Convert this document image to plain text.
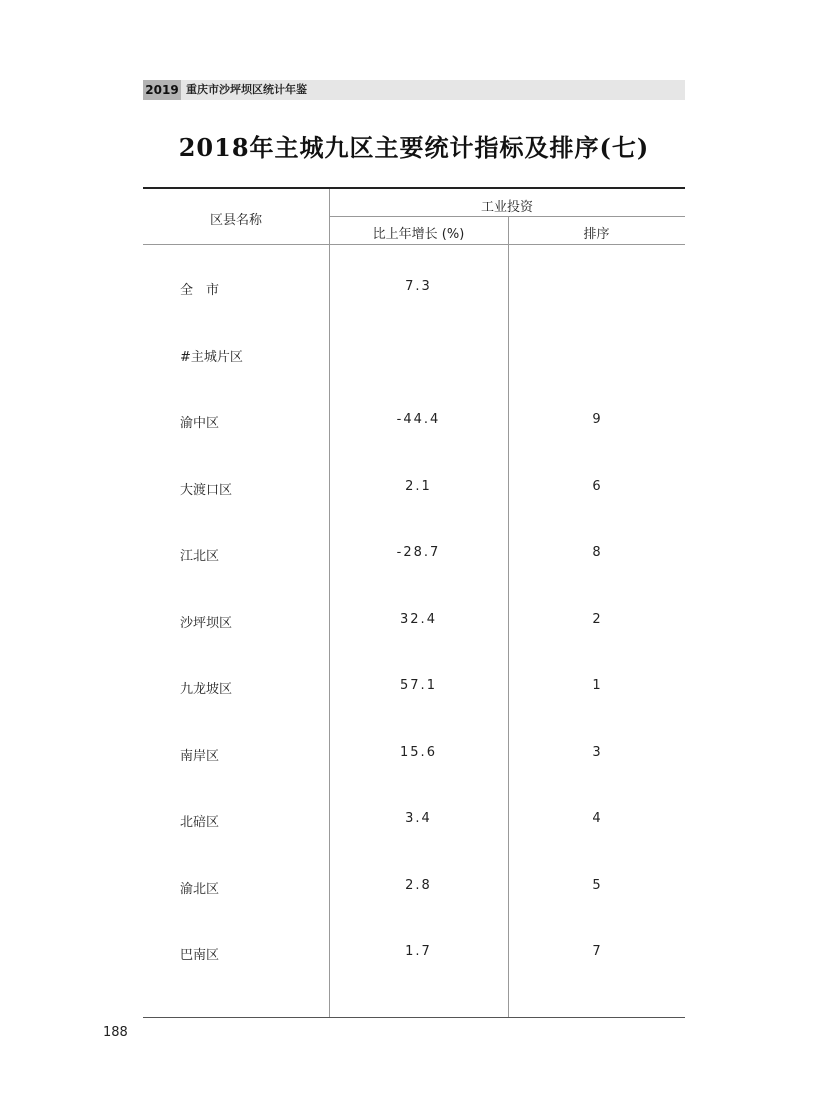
2019 重庆市沙坪坝区统计年鉴
2018年主城九区主要统计指标及排序(七)
区县名称
工业投资
比上年增长 (%)	排序
全　市	7.3
#主城片区
渝中区	-44.4	9
大渡口区	2.1	6
江北区	-28.7	8
沙坪坝区	32.4	2
九龙坡区	57.1	1
南岸区	15.6	3
北碚区	3.4	4
渝北区	2.8	5
巴南区	1.7	7
188
